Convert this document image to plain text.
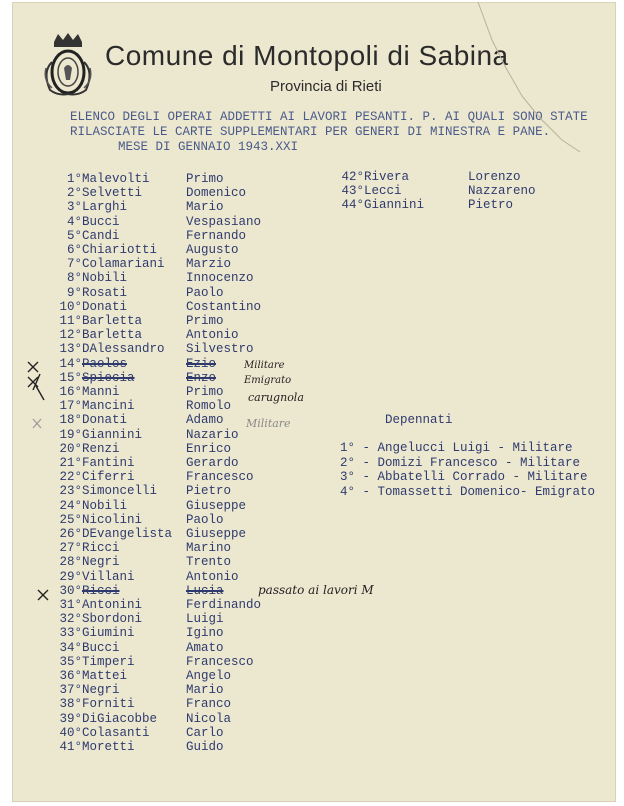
Comune di Montopoli di Sabina
Provincia di Rieti
ELENCO DEGLI OPERAI ADDETTI AI LAVORI PESANTI. P. AI QUALI SONO STATE
RILASCIATE LE CARTE SUPPLEMENTARI PER GENERI DI MINESTRA E PANE.
MESE DI GENNAIO 1943.XXI
1° Malevolti	Primo
2° Selvetti	Domenico
3° Larghi	Mario
4° Bucci	Vespasiano
5° Candi	Fernando
6° Chiariotti Augusto
7° Colamariani Marzio
8° Nobili	Innocenzo
9° Rosati	Paolo
10° Donati	Costantino
11° Barletta	Primo
12° Barletta	Antonio
13° DAlessandro Silvestro
14° Paolos	Ezio
15° Spiecia	Enzo
16° Manni	Primo
17° Mancini	Romolo
18° Donati	Adamo
19° Giannini	Nazario
20° Renzi	Enrico
21° Fantini	Gerardo
22° Ciferri	Francesco
23° Simoncelli Pietro
24° Nobili	Giuseppe
25° Nicolini	Paolo
26° DEvangelista Giuseppe
27° Ricci	Marino
28° Negri	Trento
29° Villani	Antonio
30° Ricci	Lucia
31° Antonini	Ferdinando
32° Sbordoni	Luigi
33° Giumini	Igino
34° Bucci	Amato
35° Timperi	Francesco
36° Mattei	Angelo
37° Negri	Mario
38° Forniti	Franco
39° DiGiacobbe Nicola
40° Colasanti	Carlo
41° Moretti	Guido
42° Rivera	Lorenzo
43° Lecci	Nazzareno
44° Giannini	Pietro
Depennati
1° - Angelucci Luigi - Militare
2° - Domizi Francesco - Militare
3° - Abbatelli Corrado - Militare
4° - Tomassetti Domenico- Emigrato
Militare
Emigrato
carugnola
Militare
passato ai lavori M
